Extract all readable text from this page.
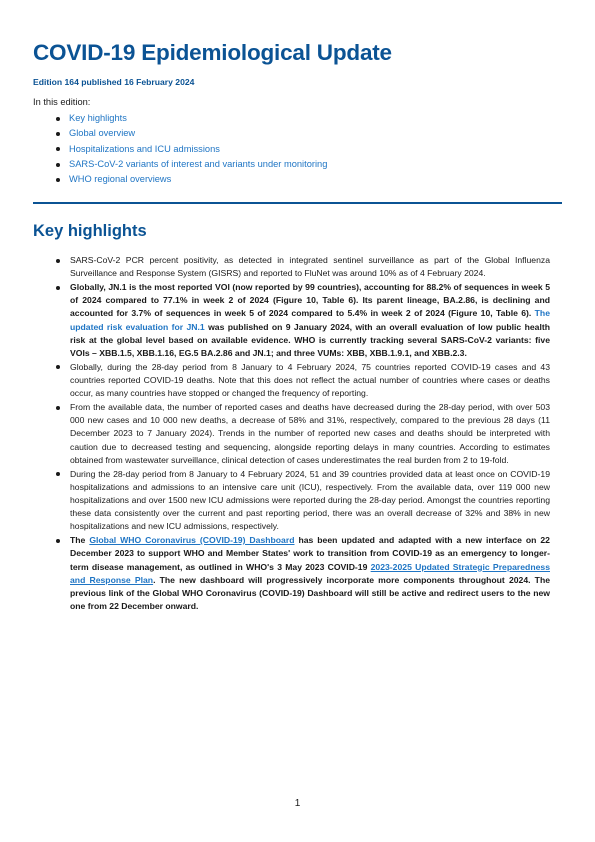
COVID-19 Epidemiological Update

Edition 164 published 16 February 2024

In this edition:

Key highlights
Global overview
Hospitalizations and ICU admissions
SARS-CoV-2 variants of interest and variants under monitoring
WHO regional overviews
Key highlights
SARS-CoV-2 PCR percent positivity, as detected in integrated sentinel surveillance as part of the Global Influenza Surveillance and Response System (GISRS) and reported to FluNet was around 10% as of 4 February 2024.
Globally, JN.1 is the most reported VOI (now reported by 99 countries), accounting for 88.2% of sequences in week 5 of 2024 compared to 77.1% in week 2 of 2024 (Figure 10, Table 6). Its parent lineage, BA.2.86, is declining and accounted for 3.7% of sequences in week 5 of 2024 compared to 5.4% in week 2 of 2024 (Figure 10, Table 6). The updated risk evaluation for JN.1 was published on 9 January 2024, with an overall evaluation of low public health risk at the global level based on available evidence. WHO is currently tracking several SARS-CoV-2 variants: five VOIs – XBB.1.5, XBB.1.16, EG.5 BA.2.86 and JN.1; and three VUMs: XBB, XBB.1.9.1, and XBB.2.3.
Globally, during the 28-day period from 8 January to 4 February 2024, 75 countries reported COVID-19 cases and 43 countries reported COVID-19 deaths. Note that this does not reflect the actual number of countries where cases or deaths occur, as many countries have stopped or changed the frequency of reporting.
From the available data, the number of reported cases and deaths have decreased during the 28-day period, with over 503 000 new cases and 10 000 new deaths, a decrease of 58% and 31%, respectively, compared to the previous 28 days (11 December 2023 to 7 January 2024). Trends in the number of reported new cases and deaths should be interpreted with caution due to decreased testing and sequencing, alongside reporting delays in many countries. According to estimates obtained from wastewater surveillance, clinical detection of cases underestimates the real burden from 2 to 19-fold.
During the 28-day period from 8 January to 4 February 2024, 51 and 39 countries provided data at least once on COVID-19 hospitalizations and admissions to an intensive care unit (ICU), respectively. From the available data, over 119 000 new hospitalizations and over 1500 new ICU admissions were reported during the 28-day period. Amongst the countries reporting these data consistently over the current and past reporting period, there was an overall decrease of 32% and 38% in new hospitalizations and new ICU admissions, respectively.
The Global WHO Coronavirus (COVID-19) Dashboard has been updated and adapted with a new interface on 22 December 2023 to support WHO and Member States' work to transition from COVID-19 as an emergency to longer-term disease management, as outlined in WHO's 3 May 2023 COVID-19 2023-2025 Updated Strategic Preparedness and Response Plan. The new dashboard will progressively incorporate more components throughout 2024. The previous link of the Global WHO Coronavirus (COVID-19) Dashboard will still be active and redirect users to the new one from 22 December onward.
1
